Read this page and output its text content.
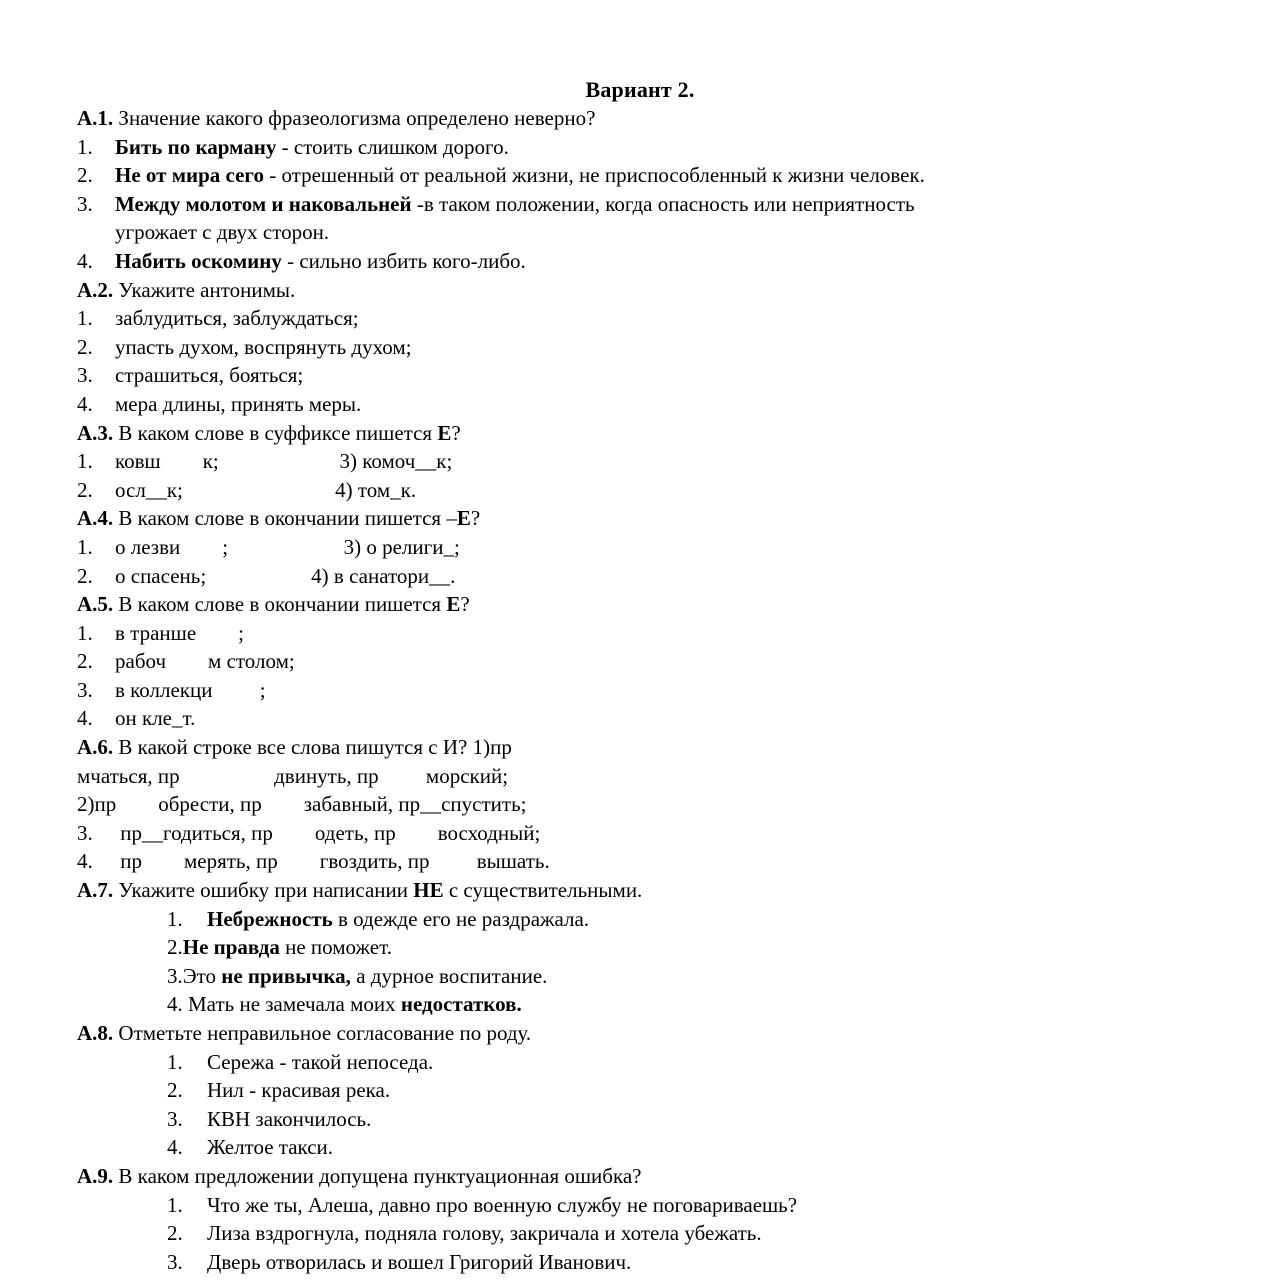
Вариант 2.
А.1. Значение какого фразеологизма определено неверно?
1.	Бить по карману - стоить слишком дорого.
2.	Не от мира сего - отрешенный от реальной жизни, не приспособленный к жизни человек.
3.	Между молотом и наковальней -в таком положении, когда опасность или неприятность
угрожает с двух сторон.
4.	Набить оскомину - сильно избить кого-либо.
А.2. Укажите антонимы.
1.	заблудиться, заблуждаться;
2.	упасть духом, воспрянуть духом;
3.	страшиться, бояться;
4.	мера длины, принять меры.
А.3. В каком слове в суффиксе пишется Е?
1.	ковш        к;                       3) комоч__к;
2.	осл__к;                             4) том_к.
А.4. В каком слове в окончании пишется –Е?
1.	о лезви        ;                      3) о религи_;
2.	о спасень;                    4) в санатори__.
А.5. В каком слове в окончании пишется Е?
1.	в транше        ;
2.	рабоч        м столом;
3.	в коллекци         ;
4.	он кле_т.
А.6. В какой строке все слова пишутся с И? 1)пр
мчаться, пр                  двинуть, пр         морский;
2)пр        обрести, пр        забавный, пр__спустить;
3.	пр__годиться, пр        одеть, пр        восходный;
4.	пр        мерять, пр        гвоздить, пр         вышать.
А.7. Укажите ошибку при написании НЕ с существительными.
1.	Небрежность в одежде его не раздражала.
2. Не правда не поможет.
3. Это не привычка, а дурное воспитание.
4. Мать не замечала моих недостатков.
А.8. Отметьте неправильное согласование по роду.
1.	Сережа - такой непоседа.
2.	Нил - красивая река.
3.	КВН закончилось.
4.	Желтое такси.
А.9. В каком предложении допущена пунктуационная ошибка?
1.	Что же ты, Алеша, давно про военную службу не поговариваешь?
2.	Лиза вздрогнула, подняла голову, закричала и хотела убежать.
3.	Дверь отворилась и вошел Григорий Иванович.
